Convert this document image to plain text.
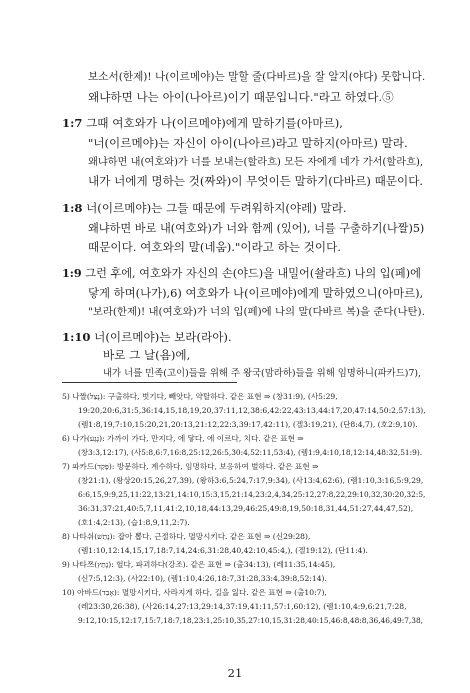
보소서(한제)! 나(이르메야)는 말할 줄(다바르)을 잘 알지(야다) 못합니다.
왜냐하면 나는 아이(나아르)이기 때문입니다."라고 하였다.⑤
1:7 그때 여호와가 나(이르메야)에게 말하기를(아마르),
"너(이르메야)는 자신이 아이(나아르)라고 말하지(아마르) 말라.
왜냐하면 내(여호와)가 너를 보내는(할라흐) 모든 자에게 네가 가서(할라흐),
내가 너에게 명하는 것(짜와)이 무엇이든 말하기(다바르) 때문이다.
1:8 너(이르메야)는 그들 때문에 두려워하지(야레) 말라.
왜냐하면 바로 내(여호와)가 너와 함께 (있어), 너를 구출하기(나짤)5)
때문이다. 여호와의 말(네움)."이라고 하는 것이다.
1:9 그런 후에, 여호와가 자신의 손(야드)을 내밀어(솰라흐) 나의 입(페)에
닿게 하며(나가),6) 여호와가 나(이르메야)에게 말하였으니(아마르),
"보라(한제)! 내(여호와)가 너의 입(페)에 나의 말(다바르 복)을 준다(나탄).
1:10 너(이르메야)는 보라(라아).
바로 그 날(욤)에,
내가 너를 민족(고이)들을 위해 주 왕국(맘라하)들을 위해 임명하니(파카드)7),
5) 나짤(נָצַל): 구출하다, 벗기다, 빼앗다, 약탈하다. 같은 표현 ⇒ (창31:9), (사5:29,
19:20,20:6,31:5,36:14,15,18,19,20,37:11,12,38:6,42:22,43:13,44:17,20,47:14,50:2,57:13),
(렘1:8,19,7:10,15:20,21,20:13,21:12,22:3,39:17,42:11), (겔3:19,21), (단8:4,7), (호2:9,10).
6) 나가(נָגַע): 가까이 가다, 만지다, 에 닿다, 에 이르다, 치다. 같은 표현 ⇒
(창3:3,12:17), (사5:8,6:7,16:8,25:12,26:5,30:4,52:11,53:4), (렘1:9,4:10,18,12:14,48:32,51:9).
7) 파카드(פָּקַד): 방문하다, 계수하다, 임명하다, 보응하여 벌하다. 같은 표현 ⇒
(창21:1), (왕상20:15,26,27,39), (왕하3:6,5:24,7:17,9:34), (사13:4,62:6), (렘1:10,3:16,5:9,29,
6:6,15,9:9,25,11:22,13:21,14:10,15:3,15,21:14,23:2,4,34,25:12,27:8,22,29:10,32,30:20,32:5,
36:31,37:21,40:5,7,11,41:2,10,18,44:13,29,46:25,49:8,19,50:18,31,44,51:27,44,47,52),
(호1:4,2:13), (습1:8,9,11,2:7).
8) 나타쉬(נָתַשׁ): 잡아 뽑다, 근절하다, 멸망시키다. 같은 표현 ⇒ (신29:28),
(렘1:10,12:14,15,17,18:7,14,24:6,31:28,40,42:10,45:4,), (겔19:12), (단11:4).
9) 나타쯔(נָתַץ): 헐다, 파괴하다(강조). 같은 표현 ⇒ (출34:13), (레11:35,14:45),
(신7:5,12:3), (사22:10), (렘1:10,4:26,18:7,31:28,33:4,39:8,52:14).
10) 아바드(אָבַד): 멸망시키다, 사라지게 하다, 길을 잃다. 같은 표현 ⇒ (출10:7),
(레23:30,26:38), (사26:14,27:13,29:14,37:19,41:11,57:1,60:12), (렘1:10,4:9,6:21,7:28,
9:12,10:15,12:17,15:7,18:7,18,23:1,25:10,35,27:10,15,31:28,40:15,46:8,48:8,36,46,49:7,38,
21
